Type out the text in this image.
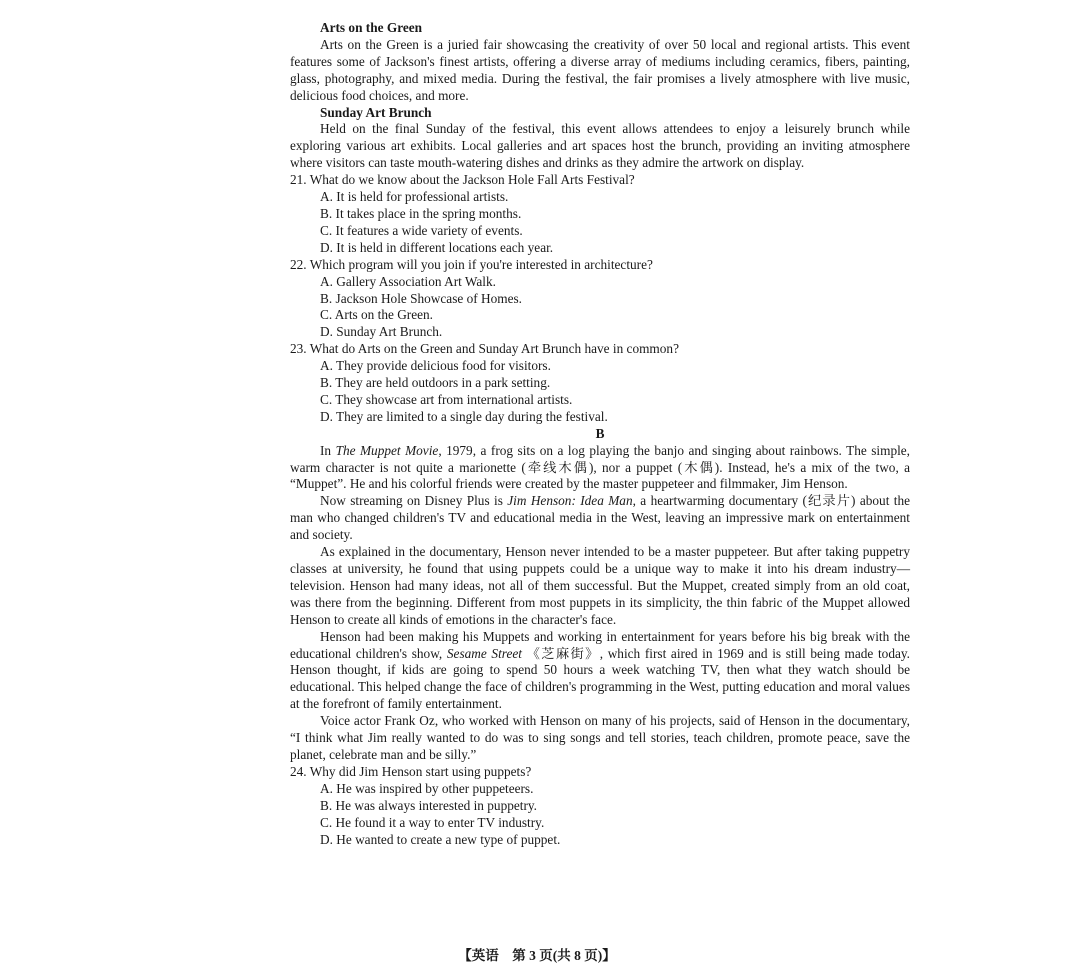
Arts on the Green

Arts on the Green is a juried fair showcasing the creativity of over 50 local and regional artists. This event features some of Jackson's finest artists, offering a diverse array of mediums including ceramics, fibers, painting, glass, photography, and mixed media. During the festival, the fair promises a lively atmosphere with live music, delicious food choices, and more.

Sunday Art Brunch

Held on the final Sunday of the festival, this event allows attendees to enjoy a leisurely brunch while exploring various art exhibits. Local galleries and art spaces host the brunch, providing an inviting atmosphere where visitors can taste mouth-watering dishes and drinks as they admire the artwork on display.

21. What do we know about the Jackson Hole Fall Arts Festival?

A. It is held for professional artists.

B. It takes place in the spring months.

C. It features a wide variety of events.

D. It is held in different locations each year.

22. Which program will you join if you're interested in architecture?

A. Gallery Association Art Walk.

B. Jackson Hole Showcase of Homes.

C. Arts on the Green.

D. Sunday Art Brunch.

23. What do Arts on the Green and Sunday Art Brunch have in common?

A. They provide delicious food for visitors.

B. They are held outdoors in a park setting.

C. They showcase art from international artists.

D. They are limited to a single day during the festival.

B

In The Muppet Movie, 1979, a frog sits on a log playing the banjo and singing about rainbows. The simple, warm character is not quite a marionette (牵线木偶), nor a puppet (木偶). Instead, he's a mix of the two, a “Muppet”. He and his colorful friends were created by the master puppeteer and filmmaker, Jim Henson.

Now streaming on Disney Plus is Jim Henson: Idea Man, a heartwarming documentary (纪录片) about the man who changed children's TV and educational media in the West, leaving an impressive mark on entertainment and society.

As explained in the documentary, Henson never intended to be a master puppeteer. But after taking puppetry classes at university, he found that using puppets could be a unique way to make it into his dream industry—television. Henson had many ideas, not all of them successful. But the Muppet, created simply from an old coat, was there from the beginning. Different from most puppets in its simplicity, the thin fabric of the Muppet allowed Henson to create all kinds of emotions in the character's face.

Henson had been making his Muppets and working in entertainment for years before his big break with the educational children's show, Sesame Street 《芝麻街》, which first aired in 1969 and is still being made today. Henson thought, if kids are going to spend 50 hours a week watching TV, then what they watch should be educational. This helped change the face of children's programming in the West, putting education and moral values at the forefront of family entertainment.

Voice actor Frank Oz, who worked with Henson on many of his projects, said of Henson in the documentary, “I think what Jim really wanted to do was to sing songs and tell stories, teach children, promote peace, save the planet, celebrate man and be silly.”

24. Why did Jim Henson start using puppets?

A. He was inspired by other puppeteers.

B. He was always interested in puppetry.

C. He found it a way to enter TV industry.

D. He wanted to create a new type of puppet.

【英语　第 3 页(共 8 页)】
